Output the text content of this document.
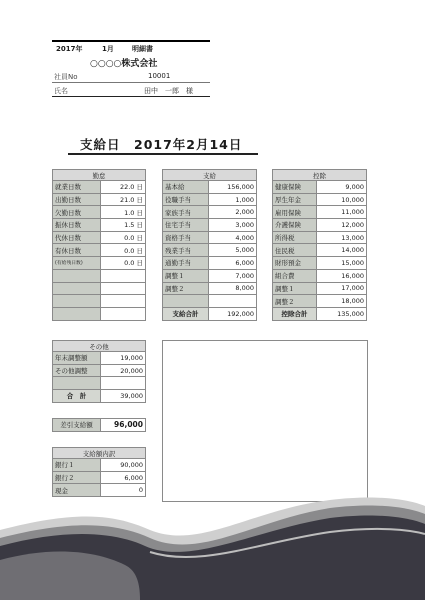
2017年	1月	明細書
○○○○株式会社
社員No	10001
氏名	田中　一郎　様
支給日　2017年2月14日
勤怠	
就業日数	22.0 日
出勤日数	21.0 日
欠勤日数	1.0 日
振休日数	1.5 日
代休日数	0.0 日
有休日数	0.0 日
(有給残日数)	0.0 日

支給	
基本給	156,000
役職手当	1,000
家族手当	2,000
住宅手当	3,000
資格手当	4,000
残業手当	5,000
通勤手当	6,000
調整１	7,000
調整２	8,000

支給合計	192,000
控除	
健康保険	9,000
厚生年金	10,000
雇用保険	11,000
介護保険	12,000
所得税	13,000
住民税	14,000
財形預金	15,000
組合費	16,000
調整１	17,000
調整２	18,000
控除合計	135,000
その他	
年末調整額	19,000
その他調整	20,000

合　計	39,000
差引支給額	96,000
支給額内訳	
銀行１	90,000
銀行２	6,000
現金	0
